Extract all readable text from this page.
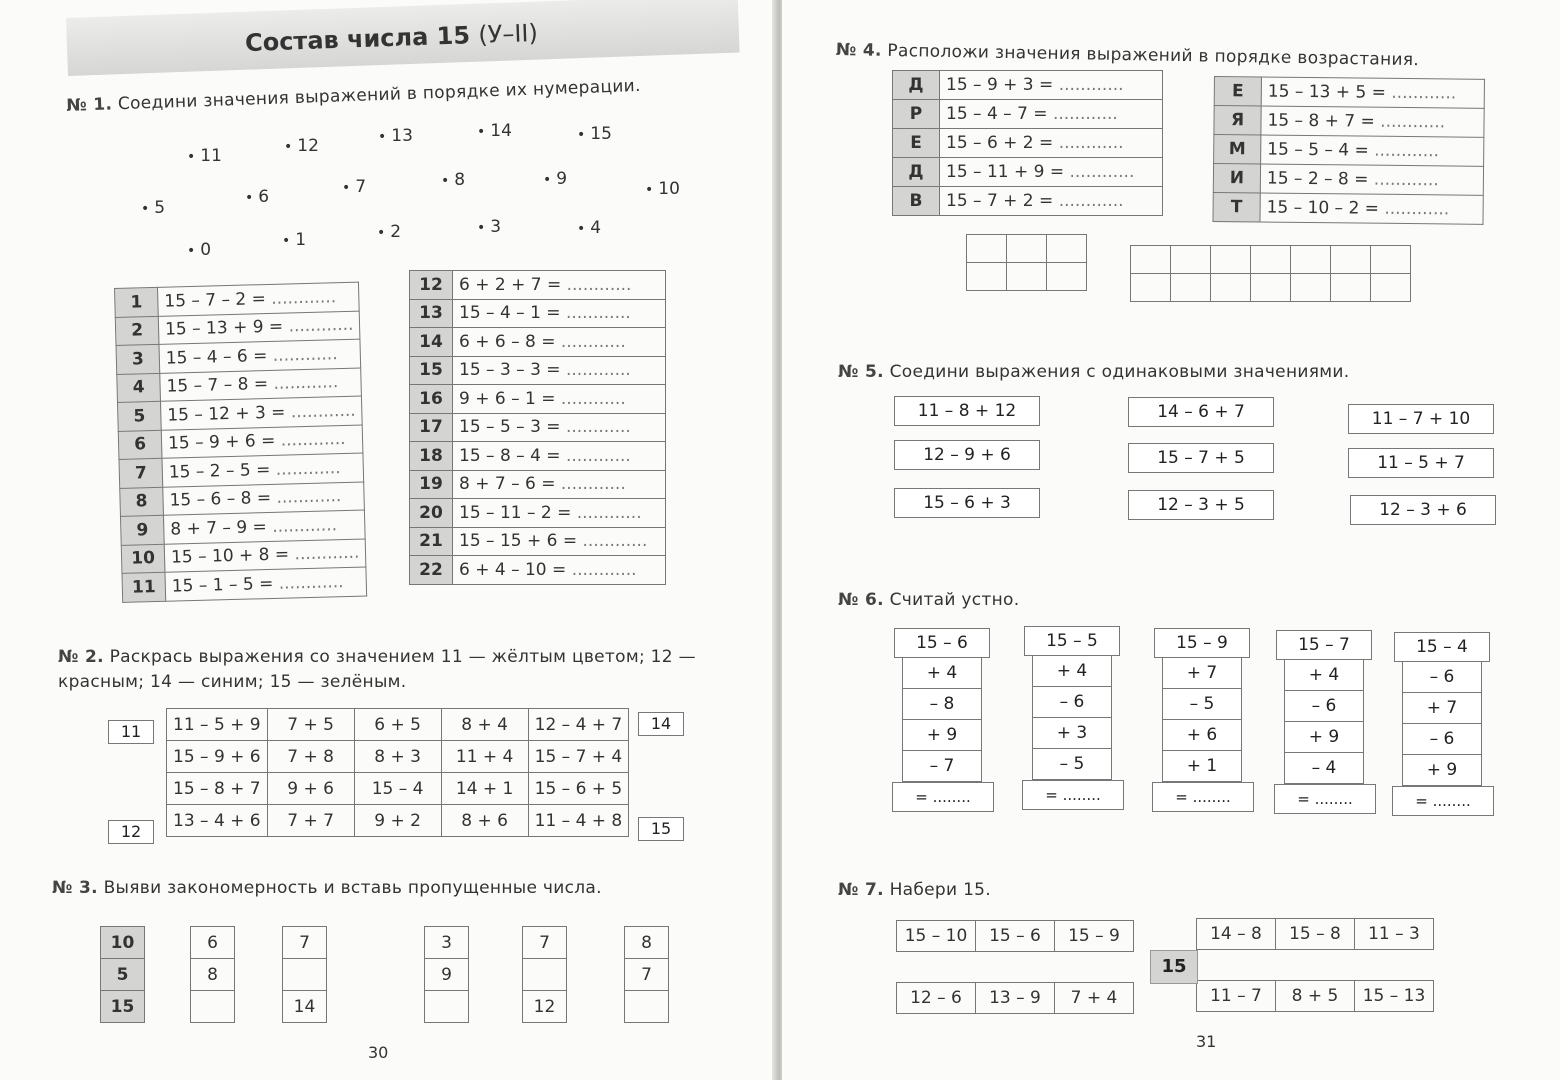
Состав числа 15 (У–II)
№ 1. Соедини значения выражений в порядке их нумерации.
• 11	• 12	• 13	• 14	• 15
• 5
• 6	• 7	• 8	• 9	• 10
• 0	• 1	• 2	• 3	• 4
1	15 – 7 – 2 = ............
2	15 – 13 + 9 = ............
3	15 – 4 – 6 = ............
4	15 – 7 – 8 = ............
5	15 – 12 + 3 = ............
6	15 – 9 + 6 = ............
7	15 – 2 – 5 = ............
8	15 – 6 – 8 = ............
9	8 + 7 – 9 = ............
10	15 – 10 + 8 = ............
11	15 – 1 – 5 = ............
12	6 + 2 + 7 = ............
13	15 – 4 – 1 = ............
14	6 + 6 – 8 = ............
15	15 – 3 – 3 = ............
16	9 + 6 – 1 = ............
17	15 – 5 – 3 = ............
18	15 – 8 – 4 = ............
19	8 + 7 – 6 = ............
20	15 – 11 – 2 = ............
21	15 – 15 + 6 = ............
22	6 + 4 – 10 = ............
№ 2. Раскрась выражения со значением 11 — жёлтым цветом; 12 —
красным; 14 — синим; 15 — зелёным.
11
12
14
15
11 – 5 + 9	7 + 5	6 + 5	8 + 4	12 – 4 + 7
15 – 9 + 6	7 + 8	8 + 3	11 + 4	15 – 7 + 4
15 – 8 + 7	9 + 6	15 – 4	14 + 1	15 – 6 + 5
13 – 4 + 6	7 + 7	9 + 2	8 + 6	11 – 4 + 8
№ 3. Выяви закономерность и вставь пропущенные числа.
10
5
15
6
8

7

14
3
9

7

12
8
7

30
№ 4. Расположи значения выражений в порядке возрастания.
Д	15 – 9 + 3 = ............
Р	15 – 4 – 7 = ............
Е	15 – 6 + 2 = ............
Д	15 – 11 + 9 = ............
В	15 – 7 + 2 = ............
Е	15 – 13 + 5 = ............
Я	15 – 8 + 7 = ............
М	15 – 5 – 4 = ............
И	15 – 2 – 8 = ............
Т	15 – 10 – 2 = ............

№ 5. Соедини выражения с одинаковыми значениями.
11 – 8 + 12	14 – 6 + 7	11 – 7 + 10
12 – 9 + 6	15 – 7 + 5	11 – 5 + 7
15 – 6 + 3	12 – 3 + 5	12 – 3 + 6
№ 6. Считай устно.
15 – 6
+ 4
– 8
+ 9
– 7
= ........
15 – 5
+ 4
– 6
+ 3
– 5
= ........
15 – 9
+ 7
– 5
+ 6
+ 1
= ........
15 – 7
+ 4
– 6
+ 9
– 4
= ........
15 – 4
– 6
+ 7
– 6
+ 9
= ........
№ 7. Набери 15.
15 – 10	15 – 6	15 – 9	14 – 8	15 – 8	11 – 3
12 – 6	13 – 9	7 + 4	11 – 7	8 + 5	15 – 13
15
31
